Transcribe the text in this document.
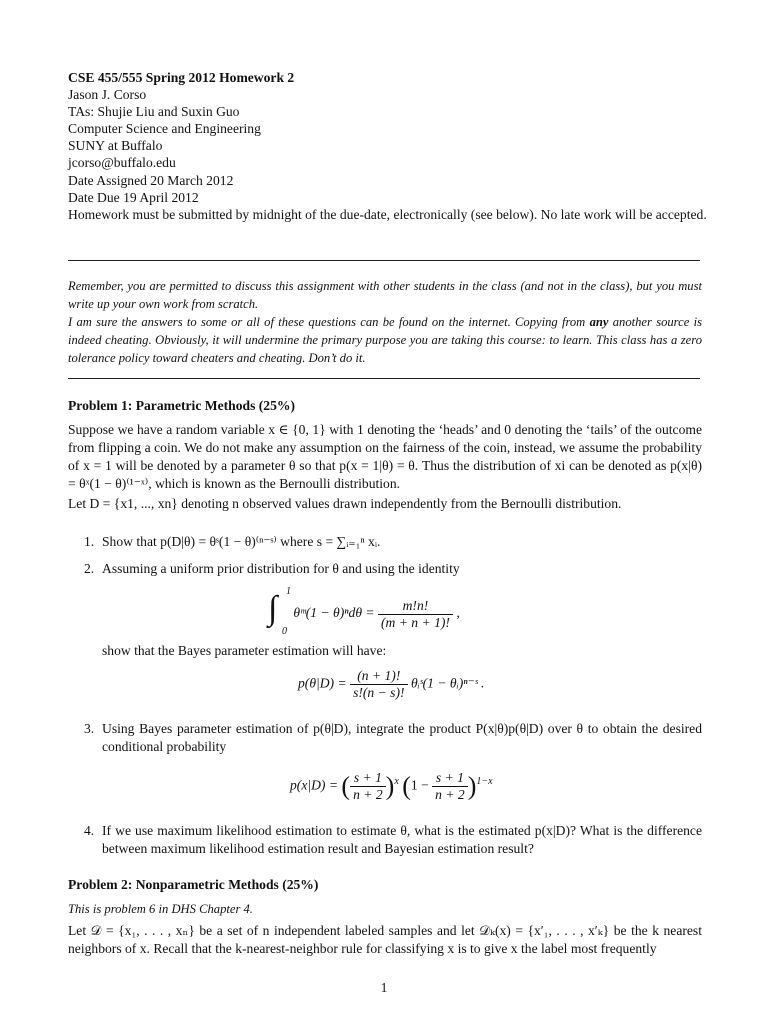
CSE 455/555 Spring 2012 Homework 2
Jason J. Corso
TAs: Shujie Liu and Suxin Guo
Computer Science and Engineering
SUNY at Buffalo
jcorso@buffalo.edu
Date Assigned 20 March 2012
Date Due 19 April 2012
Homework must be submitted by midnight of the due-date, electronically (see below). No late work will be accepted.
Remember, you are permitted to discuss this assignment with other students in the class (and not in the class), but you must write up your own work from scratch.
I am sure the answers to some or all of these questions can be found on the internet. Copying from any another source is indeed cheating. Obviously, it will undermine the primary purpose you are taking this course: to learn. This class has a zero tolerance policy toward cheaters and cheating. Don’t do it.
Problem 1: Parametric Methods (25%)
Suppose we have a random variable x ∈ {0, 1} with 1 denoting the ‘heads’ and 0 denoting the ‘tails’ of the outcome from flipping a coin. We do not make any assumption on the fairness of the coin, instead, we assume the probability of x = 1 will be denoted by a parameter θ so that p(x = 1|θ) = θ. Thus the distribution of xi can be denoted as p(x|θ) = θˣ(1 − θ)⁽¹⁻ˣ⁾, which is known as the Bernoulli distribution.
Let D = {x1, ..., xn} denoting n observed values drawn independently from the Bernoulli distribution.
1. Show that p(D|θ) = θˢ(1 − θ)⁽ⁿ⁻ˢ⁾ where s = ∑ᵢ₌₁ⁿ xᵢ.
2. Assuming a uniform prior distribution for θ and using the identity
∫ 1
0
θᵐ(1 − $\theta)^nd\theta = \frac{m!n!}{(m + n + 1)!}$ ,
show that the Bayes parameter estimation will have:
$p(\theta|D) = \frac{(n + 1)!}{s!(n - s)!}$ θᵢˢ(1 − θᵢ)ⁿ⁻ˢ .
3. Using Bayes parameter estimation of p(θ|D), integrate the product P(x|θ)p(θ|D) over θ to obtain the desired conditional probability
p(x|D) = ( $\frac{s + 1}{n + 2} )^x$ $(1 - \frac{s + 1}{n + 2} )^{1-x}$
4. If we use maximum likelihood estimation to estimate θ, what is the estimated p(x|D)? What is the difference between maximum likelihood estimation result and Bayesian estimation result?
Problem 2: Nonparametric Methods (25%)
This is problem 6 in DHS Chapter 4.
Let 𝒟 = {x₁, . . . , xₙ} be a set of n independent labeled samples and let 𝒟ₖ(x) = {x′₁, . . . , x′ₖ} be the k nearest neighbors of x. Recall that the k-nearest-neighbor rule for classifying x is to give x the label most frequently
1
